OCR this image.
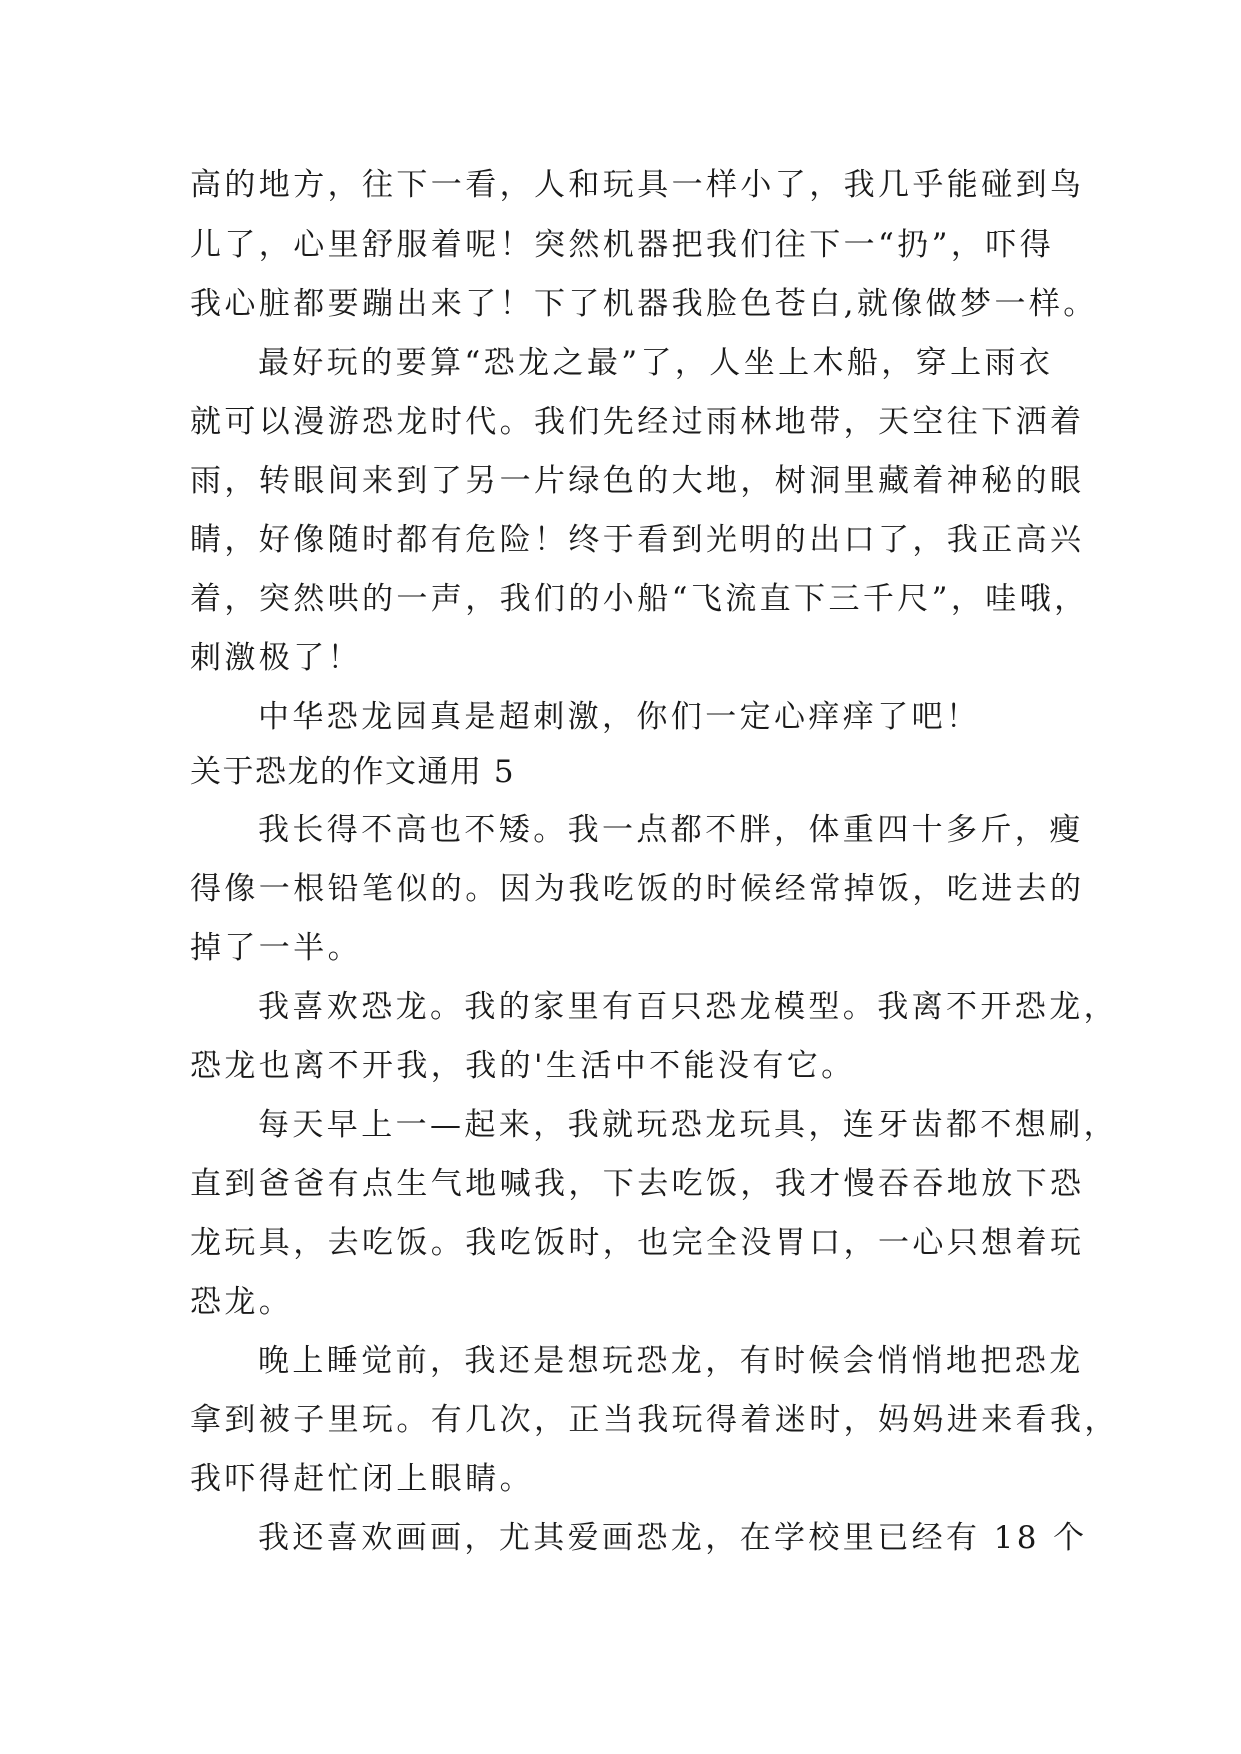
高的地方，往下一看，人和玩具一样小了，我几乎能碰到鸟
儿了，心里舒服着呢！突然机器把我们往下一“扔”，吓得
我心脏都要蹦出来了！下了机器我脸色苍白,就像做梦一样。
最好玩的要算“恐龙之最”了，人坐上木船，穿上雨衣
就可以漫游恐龙时代。我们先经过雨林地带，天空往下洒着
雨，转眼间来到了另一片绿色的大地，树洞里藏着神秘的眼
睛，好像随时都有危险！终于看到光明的出口了，我正高兴
着，突然哄的一声，我们的小船“飞流直下三千尺”，哇哦，
刺激极了！
中华恐龙园真是超刺激，你们一定心痒痒了吧！
关于恐龙的作文通用 5
我长得不高也不矮。我一点都不胖，体重四十多斤，瘦
得像一根铅笔似的。因为我吃饭的时候经常掉饭，吃进去的
掉了一半。
我喜欢恐龙。我的家里有百只恐龙模型。我离不开恐龙，
恐龙也离不开我，我的'生活中不能没有它。
每天早上一—起来，我就玩恐龙玩具，连牙齿都不想刷，
直到爸爸有点生气地喊我，下去吃饭，我才慢吞吞地放下恐
龙玩具，去吃饭。我吃饭时，也完全没胃口，一心只想着玩
恐龙。
晚上睡觉前，我还是想玩恐龙，有时候会悄悄地把恐龙
拿到被子里玩。有几次，正当我玩得着迷时，妈妈进来看我，
我吓得赶忙闭上眼睛。
我还喜欢画画，尤其爱画恐龙，在学校里已经有 18 个
